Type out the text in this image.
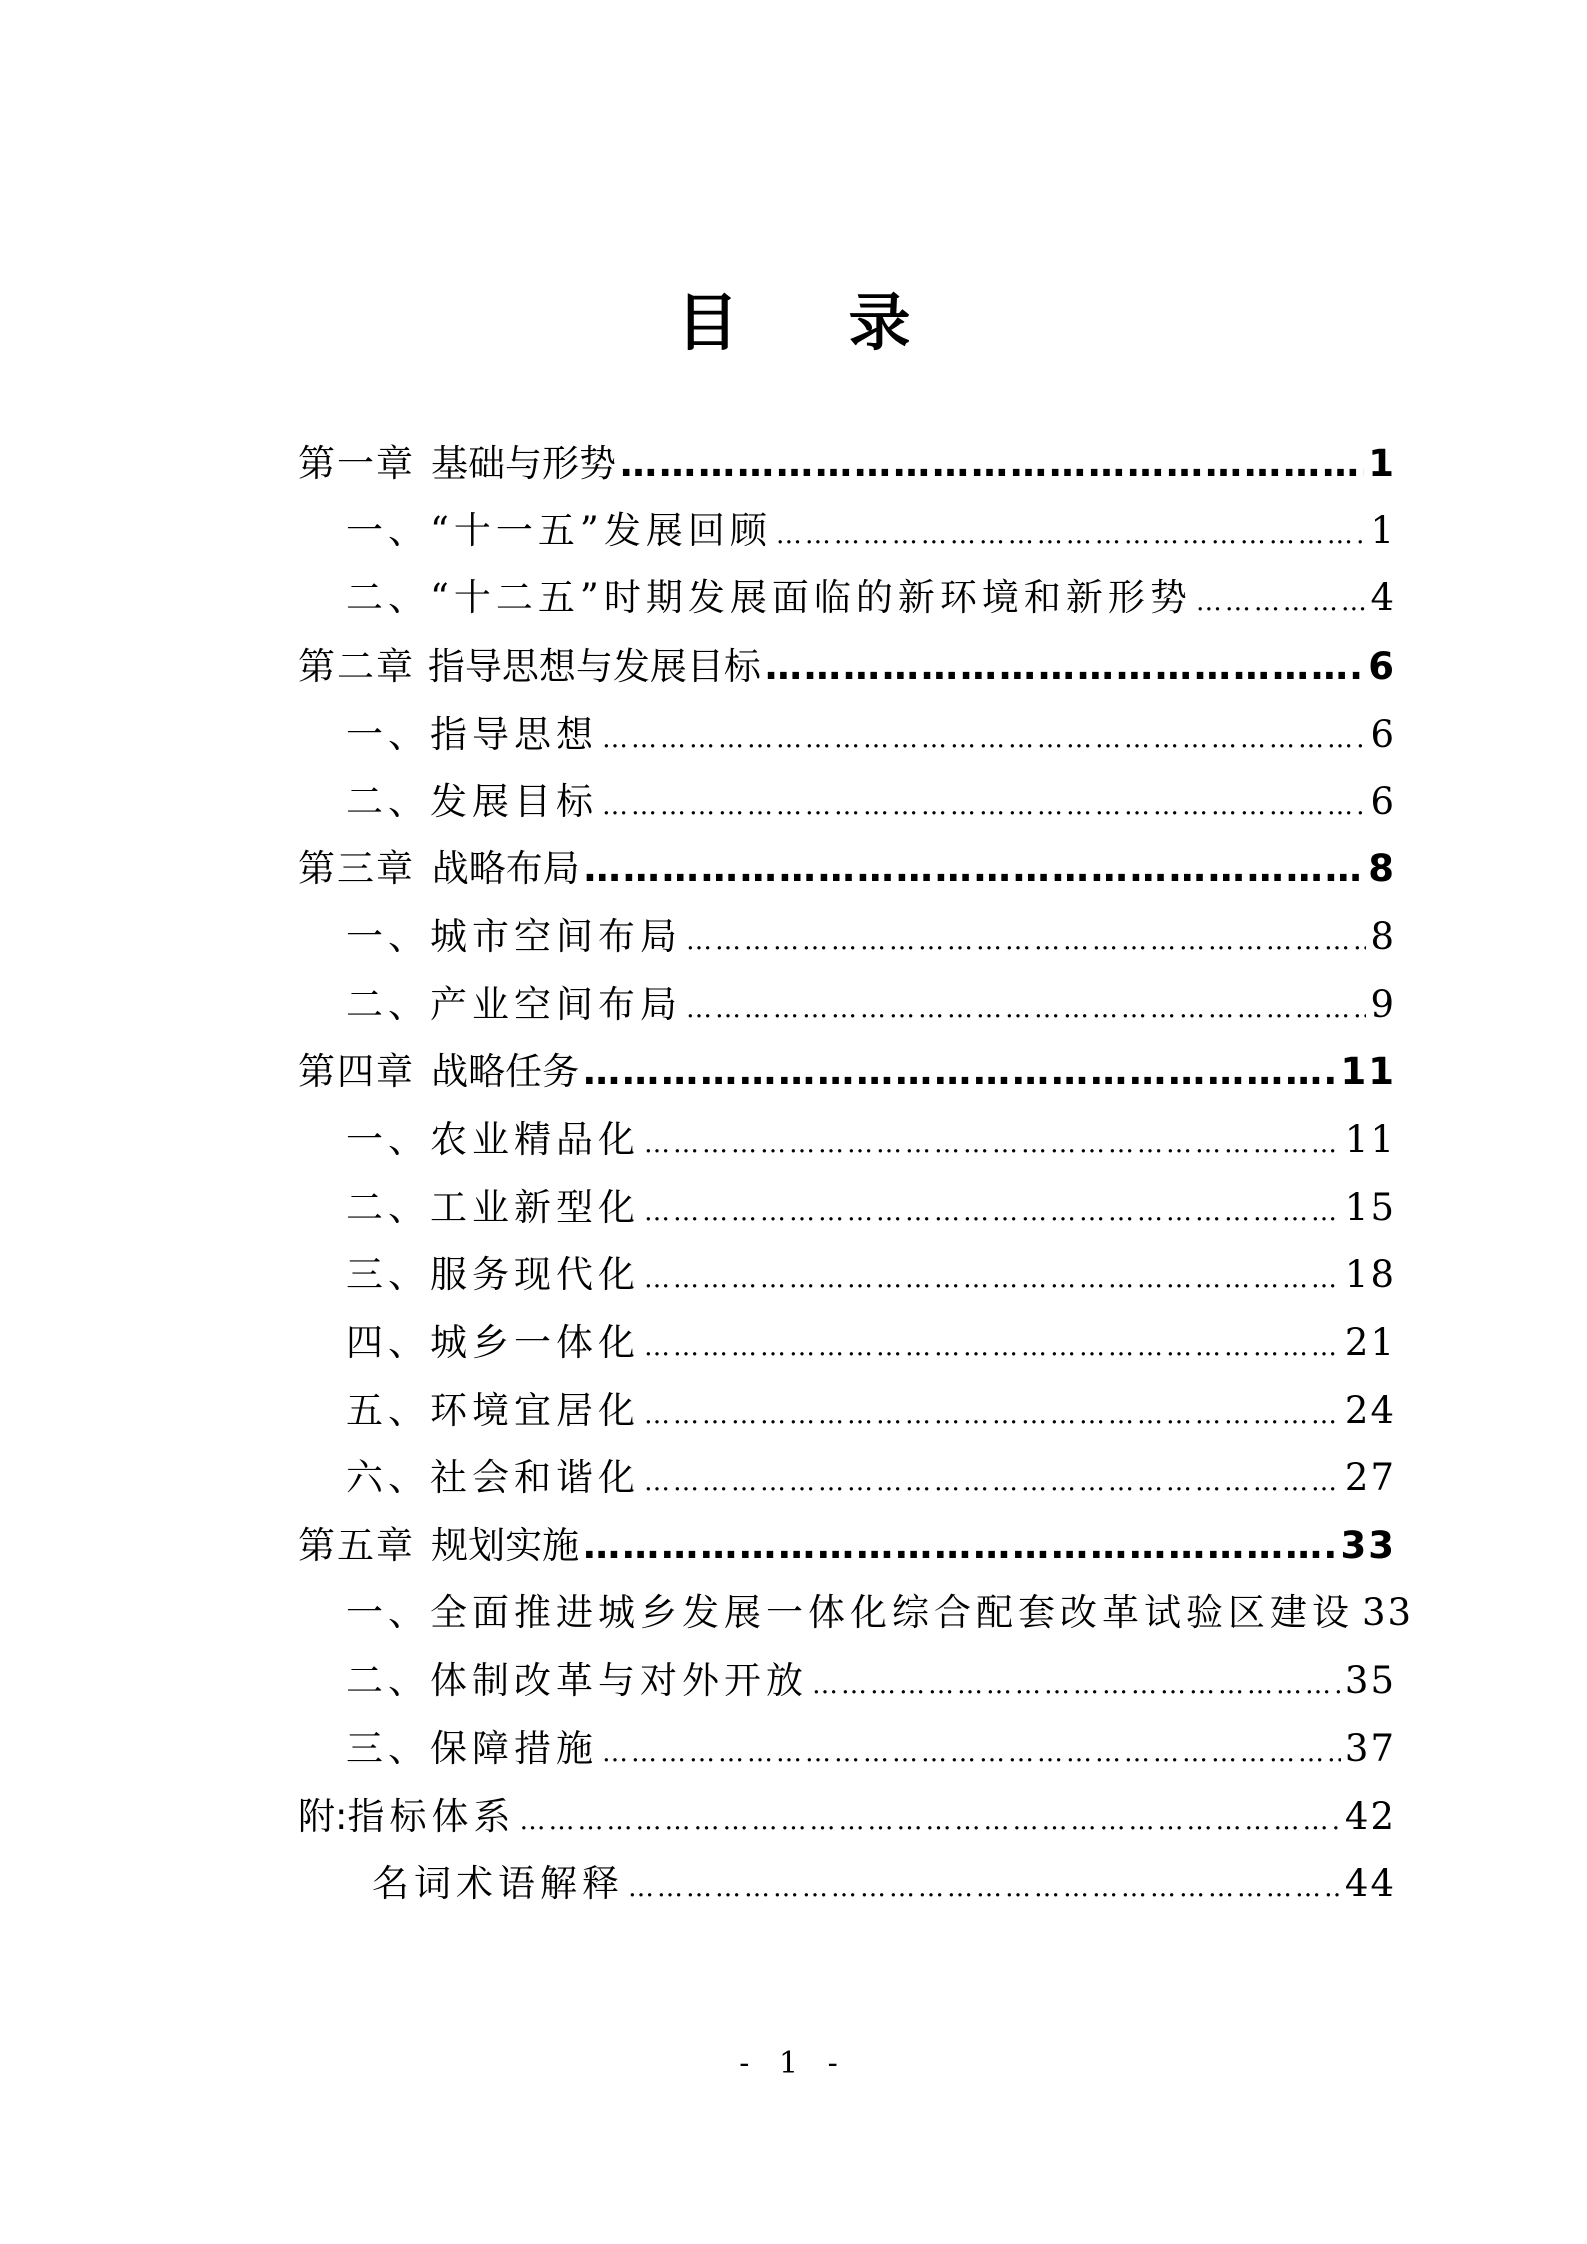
目 录
第一章 基础与形势 …………………………………………………………………………………………………………………………………………………	1
一、“十一五”发展回顾 …………………………………………………………………………………………………………………………………………………	1
二、“十二五”时期发展面临的新环境和新形势 …………………………………………………………………………………………………………………………………………………	4
第二章 指导思想与发展目标 …………………………………………………………………………………………………………………………………………………	6
一、指导思想 …………………………………………………………………………………………………………………………………………………	6
二、发展目标 …………………………………………………………………………………………………………………………………………………	6
第三章 战略布局 …………………………………………………………………………………………………………………………………………………	8
一、城市空间布局 …………………………………………………………………………………………………………………………………………………	8
二、产业空间布局 …………………………………………………………………………………………………………………………………………………	9
第四章 战略任务 …………………………………………………………………………………………………………………………………………………	11
一、农业精品化 …………………………………………………………………………………………………………………………………………………	11
二、工业新型化 …………………………………………………………………………………………………………………………………………………	15
三、服务现代化 …………………………………………………………………………………………………………………………………………………	18
四、城乡一体化 …………………………………………………………………………………………………………………………………………………	21
五、环境宜居化 …………………………………………………………………………………………………………………………………………………	24
六、社会和谐化 …………………………………………………………………………………………………………………………………………………	27
第五章 规划实施 …………………………………………………………………………………………………………………………………………………	33
一、全面推进城乡发展一体化综合配套改革试验区建设 33
二、体制改革与对外开放 …………………………………………………………………………………………………………………………………………………	35
三、保障措施 …………………………………………………………………………………………………………………………………………………	37
附: 指标体系 …………………………………………………………………………………………………………………………………………………	42
名词术语解释 …………………………………………………………………………………………………………………………………………………	44
- 1 -
